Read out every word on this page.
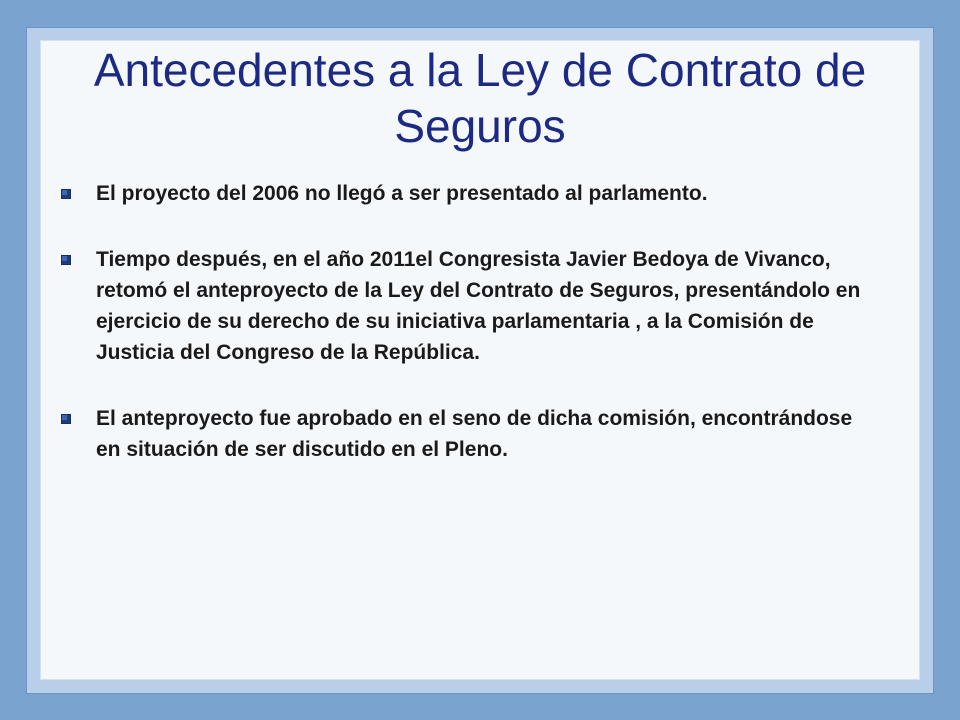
Antecedentes a la Ley de Contrato de Seguros
El proyecto del 2006 no llegó a ser presentado al parlamento.
Tiempo después, en el año 2011el Congresista Javier Bedoya de Vivanco, retomó el anteproyecto de la Ley del Contrato de Seguros, presentándolo en ejercicio de su derecho de su iniciativa parlamentaria , a la Comisión de Justicia del Congreso de la República.
El anteproyecto fue aprobado en el seno de dicha comisión, encontrándose en situación de ser discutido en el Pleno.
